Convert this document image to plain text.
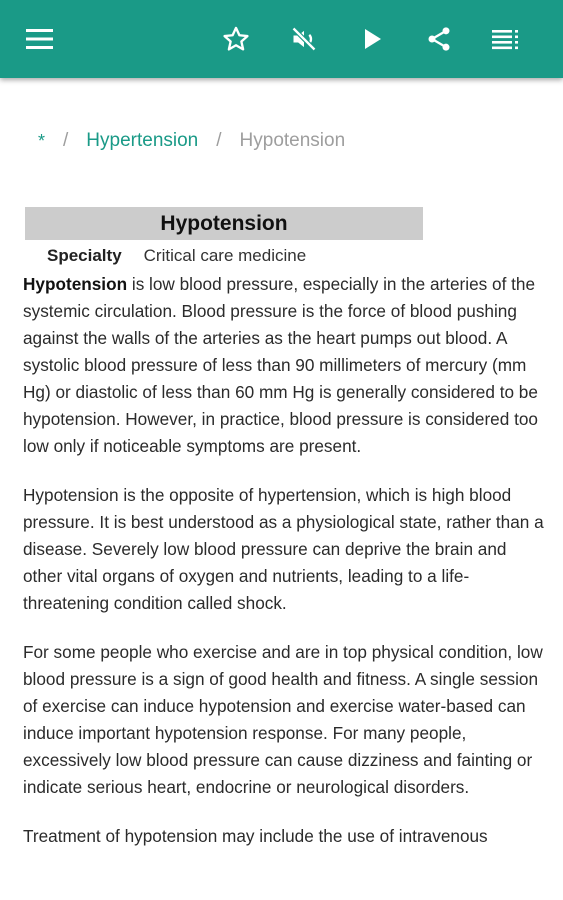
* / Hypertension / Hypotension
Hypotension
Specialty Critical care medicine

Hypotension is low blood pressure, especially in the arteries of the systemic circulation. Blood pressure is the force of blood pushing against the walls of the arteries as the heart pumps out blood. A systolic blood pressure of less than 90 millimeters of mercury (mm Hg) or diastolic of less than 60 mm Hg is generally considered to be hypotension. However, in practice, blood pressure is considered too low only if noticeable symptoms are present.

Hypotension is the opposite of hypertension, which is high blood pressure. It is best understood as a physiological state, rather than a disease. Severely low blood pressure can deprive the brain and other vital organs of oxygen and nutrients, leading to a life-threatening condition called shock.

For some people who exercise and are in top physical condition, low blood pressure is a sign of good health and fitness. A single session of exercise can induce hypotension and exercise water-based can induce important hypotension response. For many people, excessively low blood pressure can cause dizziness and fainting or indicate serious heart, endocrine or neurological disorders.

Treatment of hypotension may include the use of intravenous
